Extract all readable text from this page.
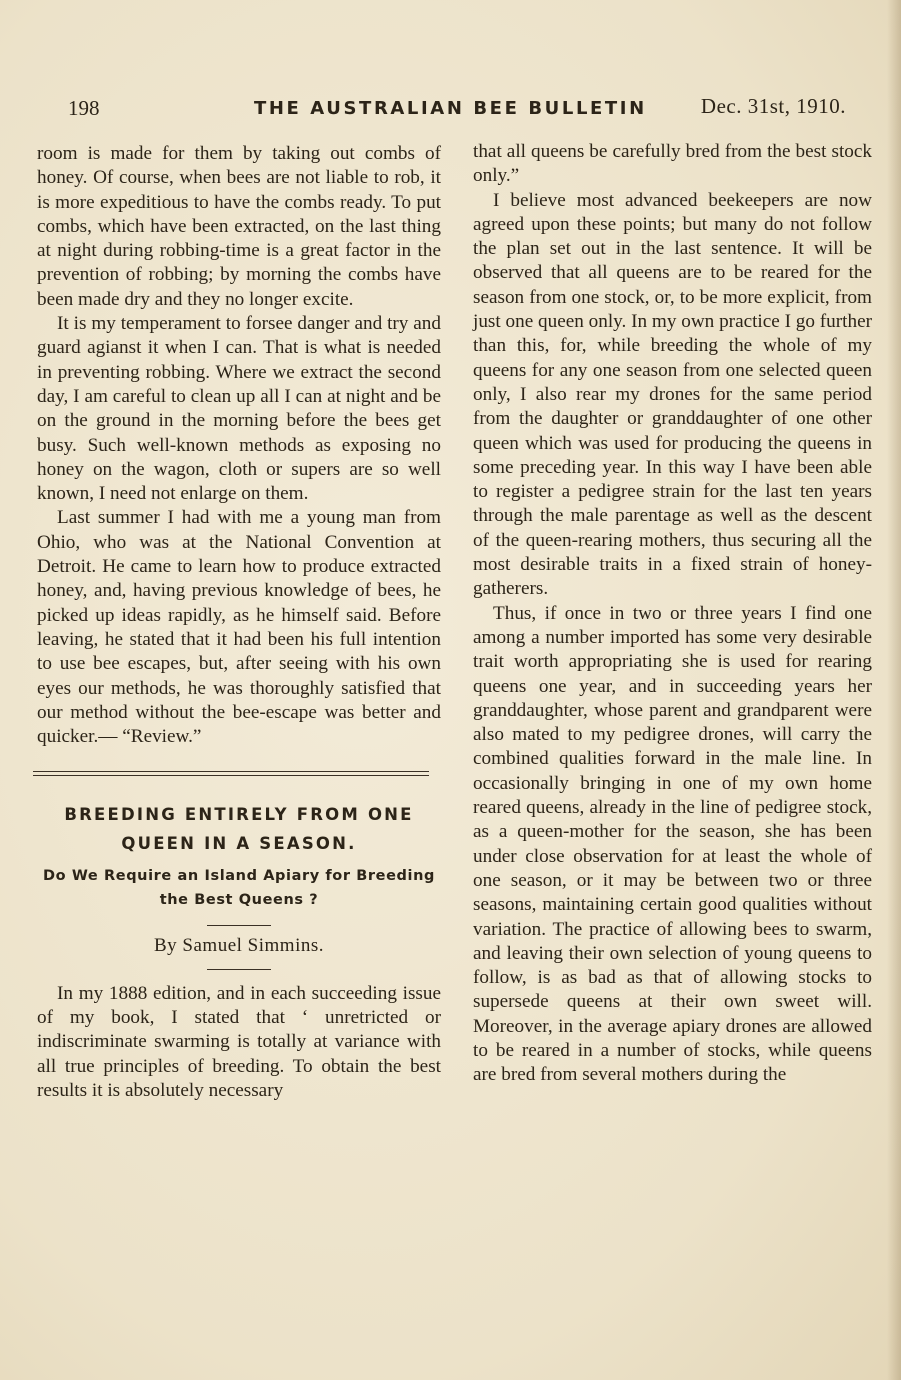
198	THE AUSTRALIAN BEE BULLETIN	Dec. 31st, 1910.

room is made for them by taking out combs of honey. Of course, when bees are not liable to rob, it is more expeditious to have the combs ready. To put combs, which have been extracted, on the last thing at night during robbing-time is a great factor in the prevention of robbing; by morning the combs have been made dry and they no longer excite.

It is my temperament to forsee danger and try and guard agianst it when I can. That is what is needed in preventing robbing. Where we extract the second day, I am careful to clean up all I can at night and be on the ground in the morning before the bees get busy. Such well-known methods as exposing no honey on the wagon, cloth or supers are so well known, I need not enlarge on them.

Last summer I had with me a young man from Ohio, who was at the National Convention at Detroit. He came to learn how to produce extracted honey, and, having previous knowledge of bees, he picked up ideas rapidly, as he himself said. Before leaving, he stated that it had been his full intention to use bee escapes, but, after seeing with his own eyes our methods, he was thoroughly satisfied that our method without the bee-escape was better and quicker.— “Review.”

BREEDING ENTIRELY FROM ONE QUEEN IN A SEASON.
Do We Require an Island Apiary for Breeding the Best Queens ?
By Samuel Simmins.

In my 1888 edition, and in each succeeding issue of my book, I stated that ‘ unretricted or indiscriminate swarming is totally at variance with all true principles of breeding. To obtain the best results it is absolutely necessary

that all queens be carefully bred from the best stock only.”

I believe most advanced beekeepers are now agreed upon these points; but many do not follow the plan set out in the last sentence. It will be observed that all queens are to be reared for the season from one stock, or, to be more explicit, from just one queen only. In my own practice I go further than this, for, while breeding the whole of my queens for any one season from one selected queen only, I also rear my drones for the same period from the daughter or granddaughter of one other queen which was used for producing the queens in some preceding year. In this way I have been able to register a pedigree strain for the last ten years through the male parentage as well as the descent of the queen-rearing mothers, thus securing all the most desirable traits in a fixed strain of honey-gatherers.

Thus, if once in two or three years I find one among a number imported has some very desirable trait worth appropriating she is used for rearing queens one year, and in succeeding years her granddaughter, whose parent and grandparent were also mated to my pedigree drones, will carry the combined qualities forward in the male line. In occasionally bringing in one of my own home reared queens, already in the line of pedigree stock, as a queen-mother for the season, she has been under close observation for at least the whole of one season, or it may be between two or three seasons, maintaining certain good qualities without variation. The practice of allowing bees to swarm, and leaving their own selection of young queens to follow, is as bad as that of allowing stocks to supersede queens at their own sweet will. Moreover, in the average apiary drones are allowed to be reared in a number of stocks, while queens are bred from several mothers during the
